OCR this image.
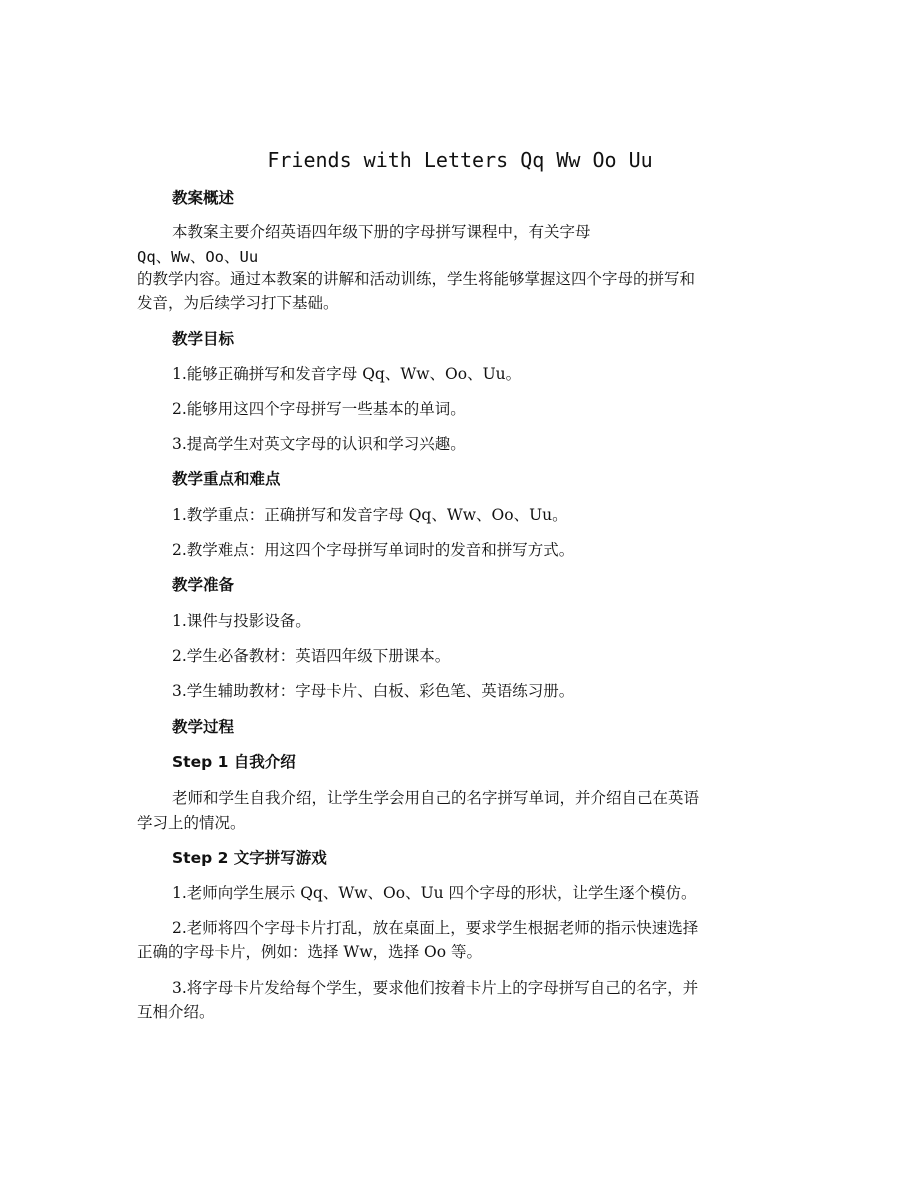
Friends with Letters Qq Ww Oo Uu
教案概述
本教案主要介绍英语四年级下册的字母拼写课程中，有关字母
Qq、Ww、Oo、Uu
的教学内容。通过本教案的讲解和活动训练，学生将能够掌握这四个字母的拼写和
发音，为后续学习打下基础。
教学目标
1.能够正确拼写和发音字母 Qq、Ww、Oo、Uu。
2.能够用这四个字母拼写一些基本的单词。
3.提高学生对英文字母的认识和学习兴趣。
教学重点和难点
1.教学重点：正确拼写和发音字母 Qq、Ww、Oo、Uu。
2.教学难点：用这四个字母拼写单词时的发音和拼写方式。
教学准备
1.课件与投影设备。
2.学生必备教材：英语四年级下册课本。
3.学生辅助教材：字母卡片、白板、彩色笔、英语练习册。
教学过程
Step 1 自我介绍
老师和学生自我介绍，让学生学会用自己的名字拼写单词，并介绍自己在英语
学习上的情况。
Step 2 文字拼写游戏
1.老师向学生展示 Qq、Ww、Oo、Uu 四个字母的形状，让学生逐个模仿。
2.老师将四个字母卡片打乱，放在桌面上，要求学生根据老师的指示快速选择
正确的字母卡片，例如：选择 Ww，选择 Oo 等。
3.将字母卡片发给每个学生，要求他们按着卡片上的字母拼写自己的名字，并
互相介绍。
